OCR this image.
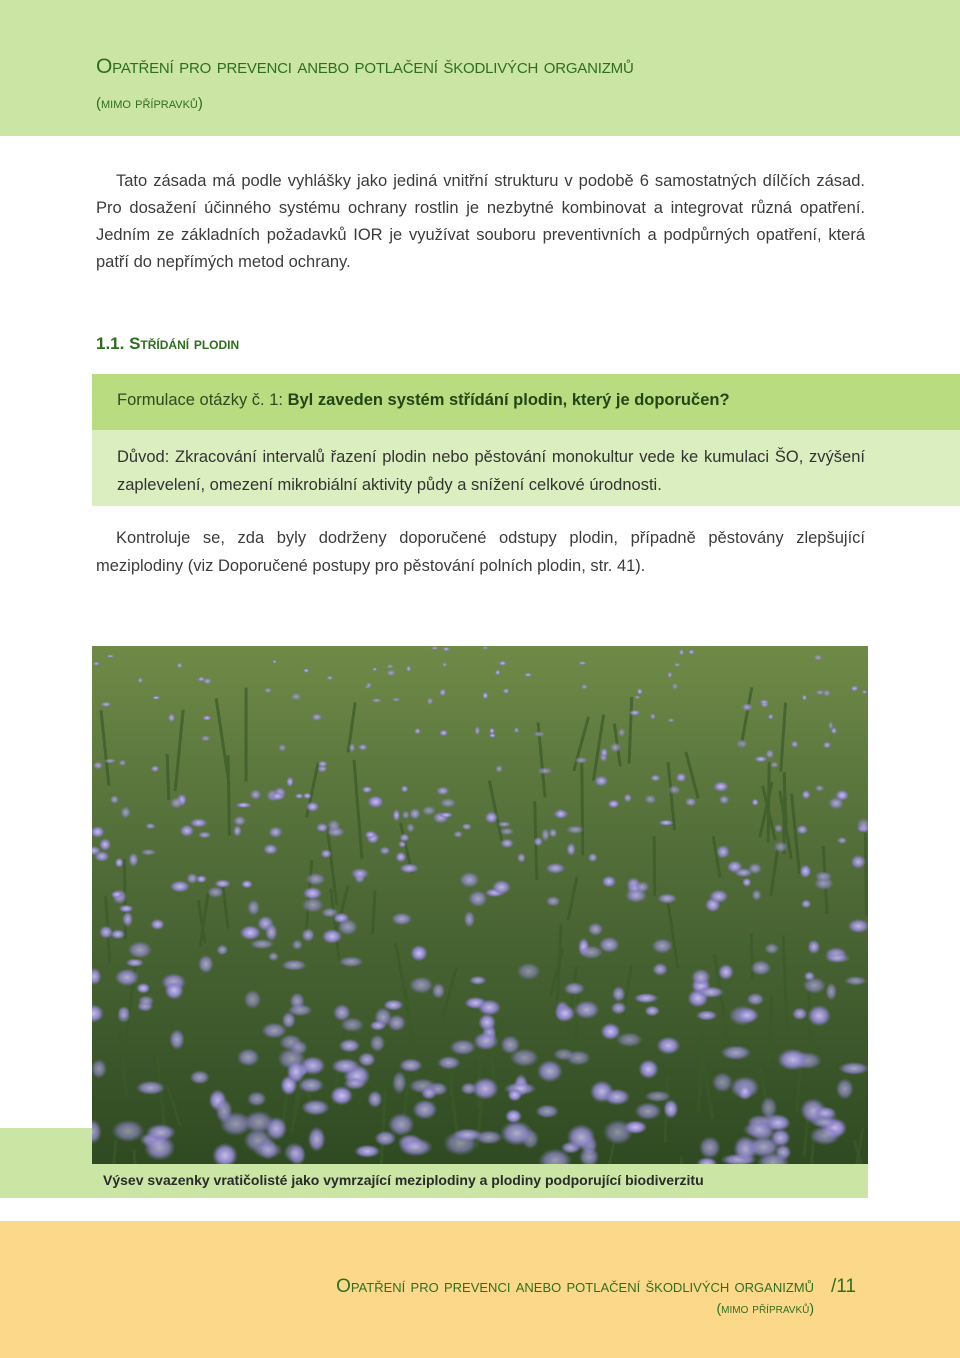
Opatření pro prevenci anebo potlačení škodlivých organizmů
(mimo přípravků)

Tato zásada má podle vyhlášky jako jediná vnitřní strukturu v podobě 6 samostatných dílčích zásad. Pro dosažení účinného systému ochrany rostlin je nezbytné kombinovat a integrovat různá opatření. Jedním ze základních požadavků IOR je využívat souboru preventivních a podpůrných opatření, která patří do nepřímých metod ochrany.

1.1. Střídání plodin
Formulace otázky č. 1: Byl zaveden systém střídání plodin, který je doporučen?

Důvod: Zkracování intervalů řazení plodin nebo pěstování monokultur vede ke kumulaci ŠO, zvýšení zaplevelení, omezení mikrobiální aktivity půdy a snížení celkové úrodnosti.

Kontroluje se, zda byly dodrženy doporučené odstupy plodin, případně pěstovány zlepšující meziplodiny (viz Doporučené postupy pro pěstování polních plodin, str. 41).

Výsev svazenky vratičolisté jako vymrzající meziplodiny a plodiny podporující biodiverzitu
Opatření pro prevenci anebo potlačení škodlivých organizmů
(mimo přípravků)
/11
